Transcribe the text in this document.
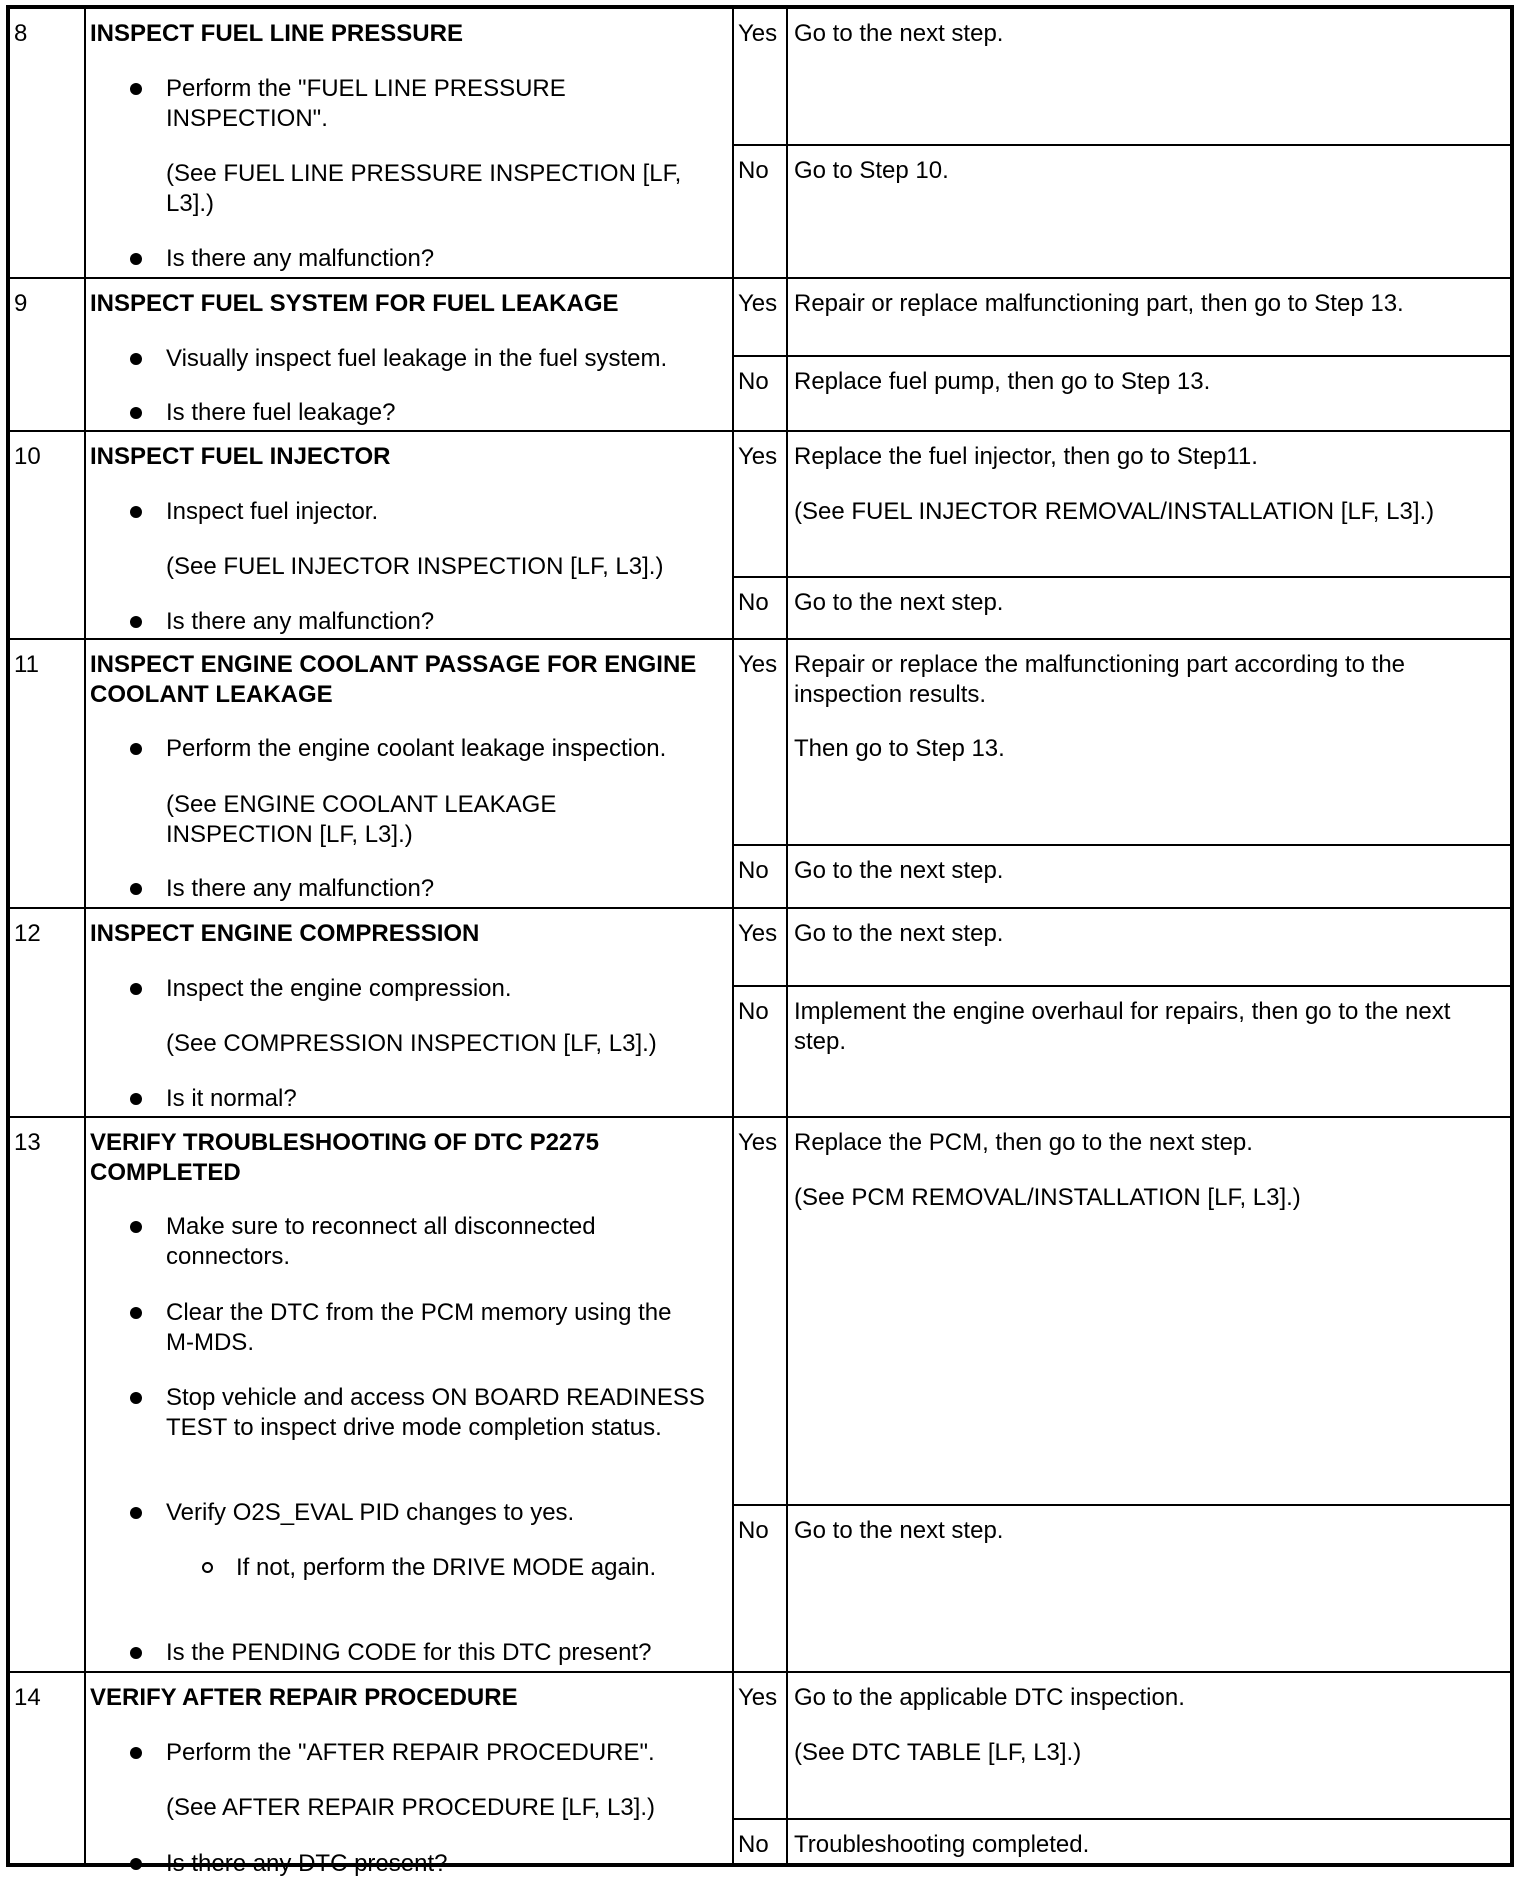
8	INSPECT FUEL LINE PRESSURE
Perform the "FUEL LINE PRESSURE INSPECTION".
(See FUEL LINE PRESSURE INSPECTION [LF, L3].)
Is there any malfunction?
Yes Go to the next step.
No Go to Step 10.
9	INSPECT FUEL SYSTEM FOR FUEL LEAKAGE
Visually inspect fuel leakage in the fuel system.
Is there fuel leakage?
Yes Repair or replace malfunctioning part, then go to Step 13.
No Replace fuel pump, then go to Step 13.
10 INSPECT FUEL INJECTOR
Inspect fuel injector.
(See FUEL INJECTOR INSPECTION [LF, L3].)
Is there any malfunction?
Yes Replace the fuel injector, then go to Step11.
(See FUEL INJECTOR REMOVAL/INSTALLATION [LF, L3].)
No Go to the next step.
11 INSPECT ENGINE COOLANT PASSAGE FOR ENGINE COOLANT LEAKAGE
Perform the engine coolant leakage inspection.
(See ENGINE COOLANT LEAKAGE INSPECTION [LF, L3].)
Is there any malfunction?
Yes Repair or replace the malfunctioning part according to the inspection results.
Then go to Step 13.
No Go to the next step.
12 INSPECT ENGINE COMPRESSION
Inspect the engine compression.
(See COMPRESSION INSPECTION [LF, L3].)
Is it normal?
Yes Go to the next step.
No Implement the engine overhaul for repairs, then go to the next step.
13 VERIFY TROUBLESHOOTING OF DTC P2275 COMPLETED
Make sure to reconnect all disconnected connectors.
Clear the DTC from the PCM memory using the M-MDS.
Stop vehicle and access ON BOARD READINESS TEST to inspect drive mode completion status.
Verify O2S_EVAL PID changes to yes.
If not, perform the DRIVE MODE again.
Is the PENDING CODE for this DTC present?
Yes Replace the PCM, then go to the next step.
(See PCM REMOVAL/INSTALLATION [LF, L3].)
No Go to the next step.
14 VERIFY AFTER REPAIR PROCEDURE
Perform the "AFTER REPAIR PROCEDURE".
(See AFTER REPAIR PROCEDURE [LF, L3].)
Is there any DTC present?
Yes Go to the applicable DTC inspection.
(See DTC TABLE [LF, L3].)
No Troubleshooting completed.
